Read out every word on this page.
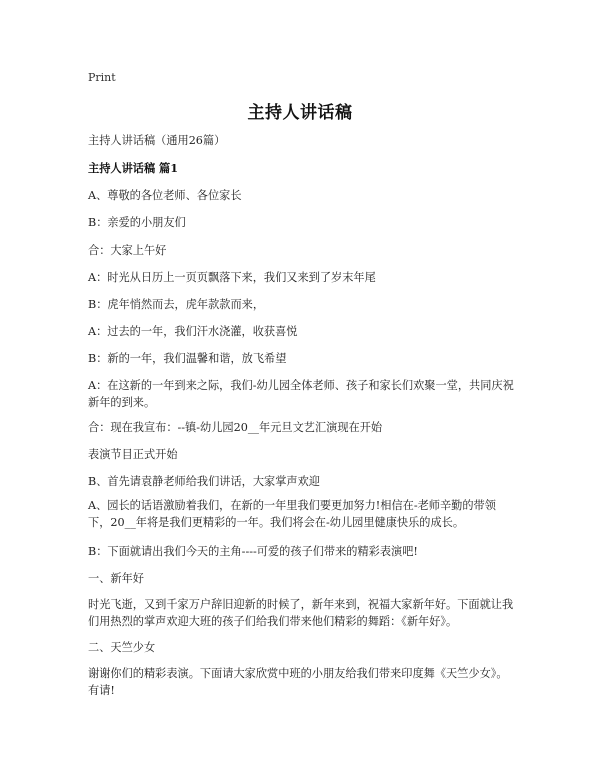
Print
主持人讲话稿
主持人讲话稿（通用26篇）
主持人讲话稿 篇1
A、尊敬的各位老师、各位家长
B：亲爱的小朋友们
合：大家上午好
A：时光从日历上一页页飘落下来，我们又来到了岁末年尾
B：虎年悄然而去，虎年款款而来，
A：过去的一年，我们汗水浇灌，收获喜悦
B：新的一年，我们温馨和谐，放飞希望
A：在这新的一年到来之际，我们-幼儿园全体老师、孩子和家长们欢聚一堂，共同庆祝新年的到来。
合：现在我宣布：--镇-幼儿园20__年元旦文艺汇演现在开始
表演节目正式开始
B、首先请袁静老师给我们讲话，大家掌声欢迎
A、园长的话语激励着我们，在新的一年里我们要更加努力!相信在-老师辛勤的带领下，20__年将是我们更精彩的一年。我们将会在-幼儿园里健康快乐的成长。
B：下面就请出我们今天的主角----可爱的孩子们带来的精彩表演吧!
一、新年好
时光飞逝，又到千家万户辞旧迎新的时候了，新年来到，祝福大家新年好。下面就让我们用热烈的掌声欢迎大班的孩子们给我们带来他们精彩的舞蹈：《新年好》。
二、天竺少女
谢谢你们的精彩表演。下面请大家欣赏中班的小朋友给我们带来印度舞《天竺少女》。有请!
